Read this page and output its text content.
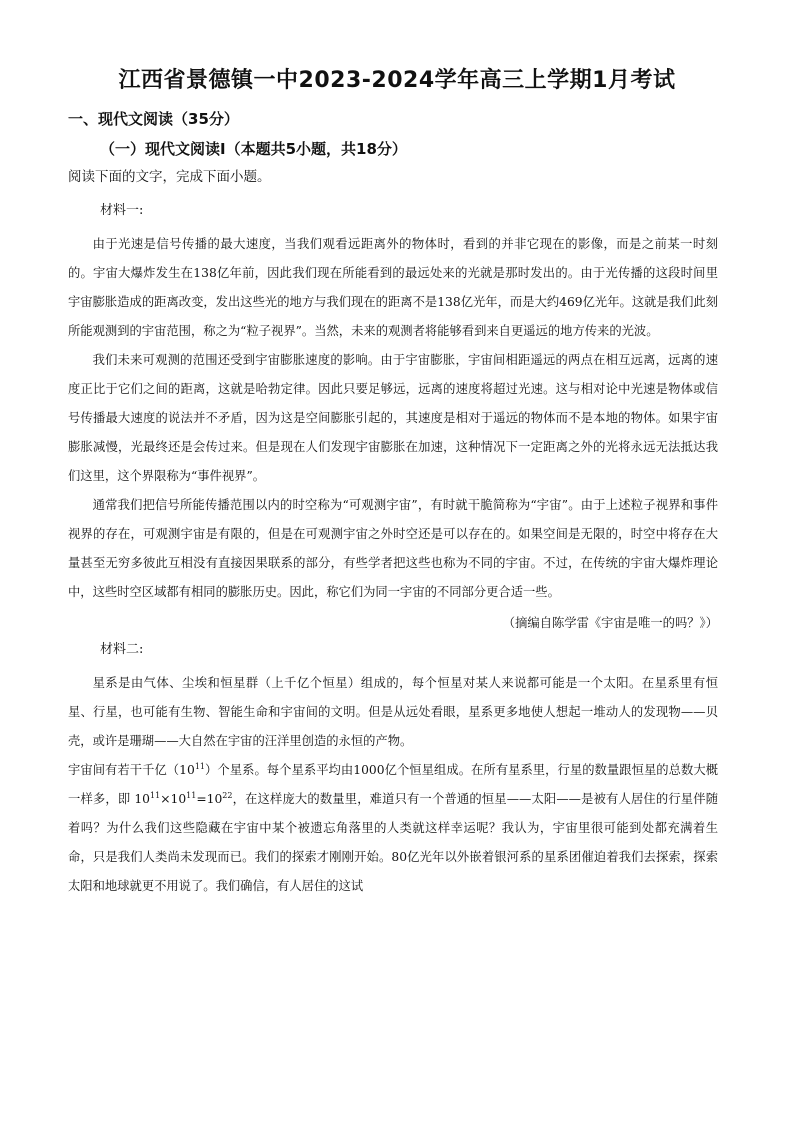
江西省景德镇一中2023-2024学年高三上学期1月考试
一、现代文阅读（35分）
（一）现代文阅读Ⅰ（本题共5小题，共18分）
阅读下面的文字，完成下面小题。
材料一:

由于光速是信号传播的最大速度，当我们观看远距离外的物体时，看到的并非它现在的影像，而是之前某一时刻的。宇宙大爆炸发生在138亿年前，因此我们现在所能看到的最远处来的光就是那时发出的。由于光传播的这段时间里宇宙膨胀造成的距离改变，发出这些光的地方与我们现在的距离不是138亿光年，而是大约469亿光年。这就是我们此刻所能观测到的宇宙范围，称之为“粒子视界”。当然，未来的观测者将能够看到来自更遥远的地方传来的光波。

我们未来可观测的范围还受到宇宙膨胀速度的影响。由于宇宙膨胀，宇宙间相距遥远的两点在相互远离，远离的速度正比于它们之间的距离，这就是哈勃定律。因此只要足够远，远离的速度将超过光速。这与相对论中光速是物体或信号传播最大速度的说法并不矛盾，因为这是空间膨胀引起的，其速度是相对于遥远的物体而不是本地的物体。如果宇宙膨胀减慢，光最终还是会传过来。但是现在人们发现宇宙膨胀在加速，这种情况下一定距离之外的光将永远无法抵达我们这里，这个界限称为“事件视界”。

通常我们把信号所能传播范围以内的时空称为“可观测宇宙”，有时就干脆简称为“宇宙”。由于上述粒子视界和事件视界的存在，可观测宇宙是有限的，但是在可观测宇宙之外时空还是可以存在的。如果空间是无限的，时空中将存在大量甚至无穷多彼此互相没有直接因果联系的部分，有些学者把这些也称为不同的宇宙。不过，在传统的宇宙大爆炸理论中，这些时空区域都有相同的膨胀历史。因此，称它们为同一宇宙的不同部分更合适一些。

（摘编自陈学雷《宇宙是唯一的吗？》）
材料二:

星系是由气体、尘埃和恒星群（上千亿个恒星）组成的，每个恒星对某人来说都可能是一个太阳。在星系里有恒星、行星，也可能有生物、智能生命和宇宙间的文明。但是从远处看眼，星系更多地使人想起一堆动人的发现物——贝壳，或许是珊瑚——大自然在宇宙的汪洋里创造的永恒的产物。

宇宙间有若干千亿$(10^{11})$个星系。每个星系平均由1000亿个恒星组成。在所有星系里，行星的数量跟恒星的总数大概一样多，即 $10^{11}\times 10^{11}=10^{22}$，在这样庞大的数量里，难道只有一个普通的恒星——太阳——是被有人居住的行星伴随着吗？为什么我们这些隐藏在宇宙中某个被遗忘角落里的人类就这样幸运呢？我认为，宇宙里很可能到处都充满着生命，只是我们人类尚未发现而已。我们的探索才刚刚开始。80亿光年以外嵌着银河系的星系团催迫着我们去探索，探索太阳和地球就更不用说了。我们确信，有人居住的这试
